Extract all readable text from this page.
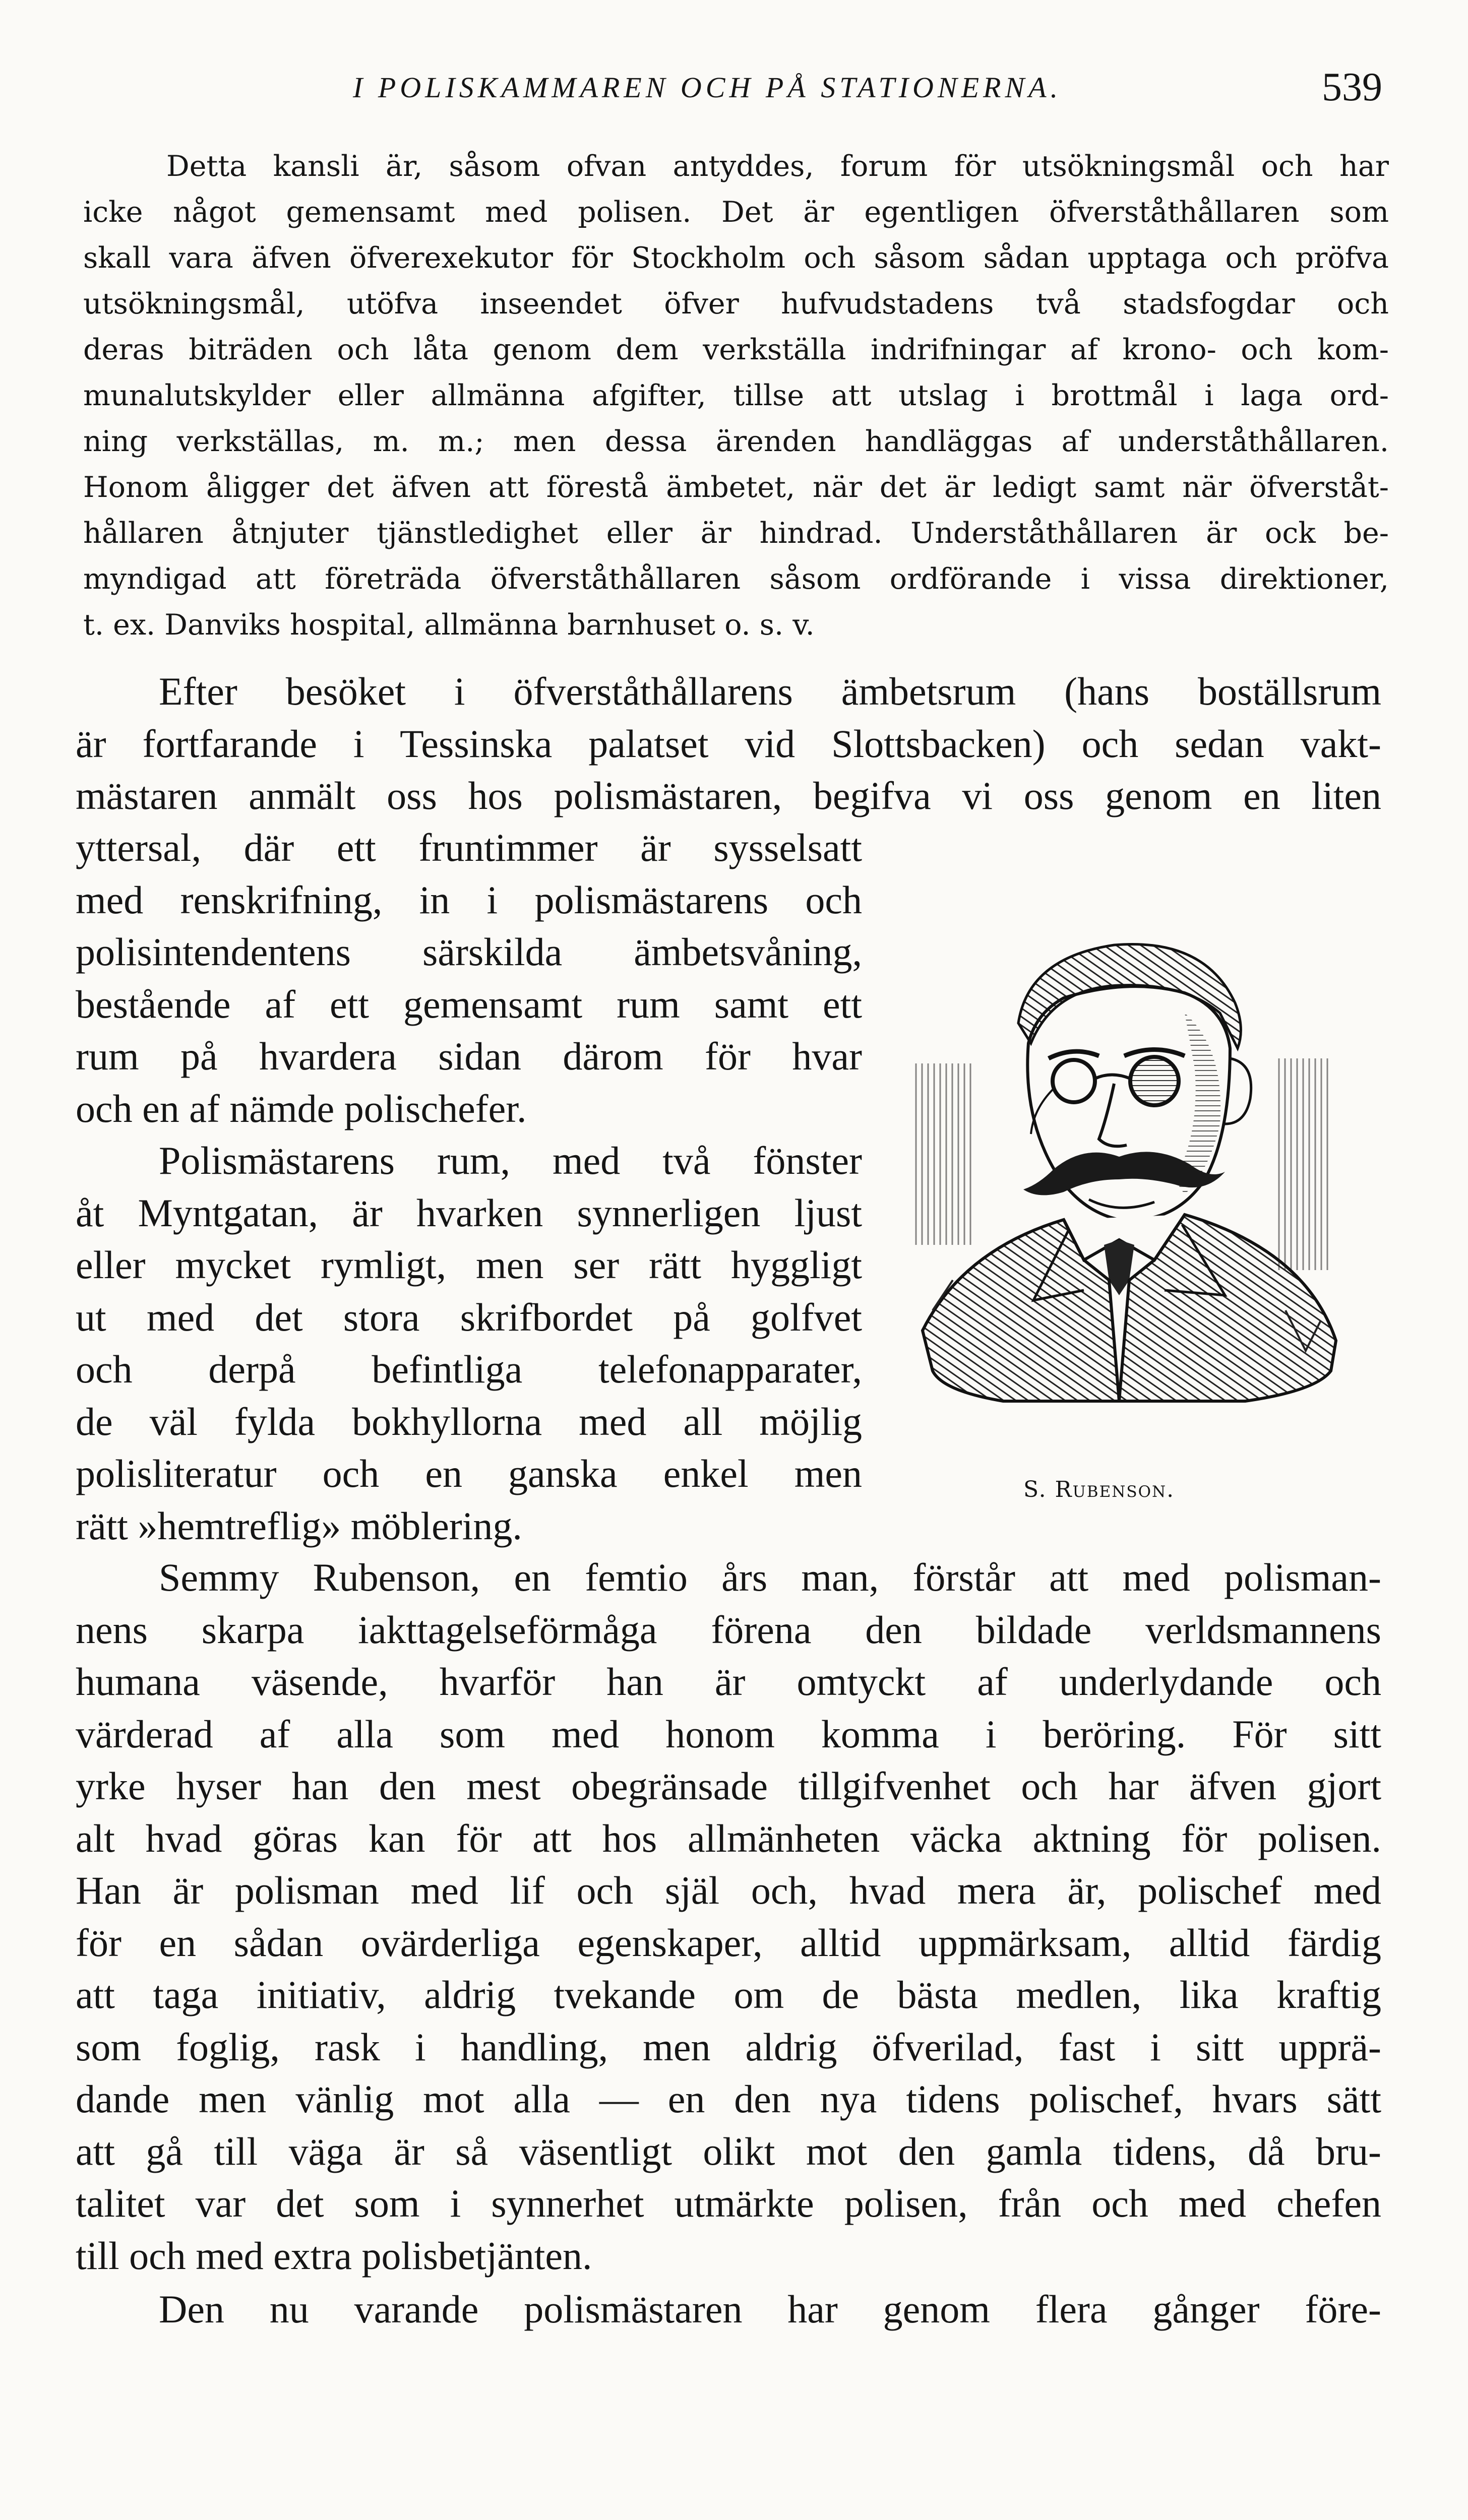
I POLISKAMMAREN OCH PÅ STATIONERNA.	539
Detta kansli är, såsom ofvan antyddes, forum för utsökningsmål och har
icke något gemensamt med polisen. Det är egentligen öfverståthållaren som
skall vara äfven öfverexekutor för Stockholm och såsom sådan upptaga och pröfva
utsökningsmål, utöfva inseendet öfver hufvudstadens två stadsfogdar och
deras biträden och låta genom dem verkställa indrifningar af krono- och kom-
munalutskylder eller allmänna afgifter, tillse att utslag i brottmål i laga ord-
ning verkställas, m. m.; men dessa ärenden handläggas af underståthållaren.
Honom åligger det äfven att förestå ämbetet, när det är ledigt samt när öfverståt-
hållaren åtnjuter tjänstledighet eller är hindrad. Underståthållaren är ock be-
myndigad att företräda öfverståthållaren såsom ordförande i vissa direktioner,
t. ex. Danviks hospital, allmänna barnhuset o. s. v.
Efter besöket i öfverståthållarens ämbetsrum (hans boställsrum
är fortfarande i Tessinska palatset vid Slottsbacken) och sedan vakt-
mästaren anmält oss hos polismästaren, begifva vi oss genom en liten
yttersal, där ett fruntimmer är sysselsatt
med renskrifning, in i polismästarens och
polisintendentens särskilda ämbetsvåning,
bestående af ett gemensamt rum samt ett
rum på hvardera sidan därom för hvar
och en af nämde polischefer.
Polismästarens rum, med två fönster
åt Myntgatan, är hvarken synnerligen ljust
eller mycket rymligt, men ser rätt hyggligt
ut med det stora skrifbordet på golfvet
och derpå befintliga telefonapparater,
de väl fylda bokhyllorna med all möjlig
polisliteratur och en ganska enkel men
rätt »hemtreflig» möblering.
S. Rubenson.
Semmy Rubenson, en femtio års man, förstår att med polisman-
nens skarpa iakttagelseförmåga förena den bildade verldsmannens
humana väsende, hvarför han är omtyckt af underlydande och
värderad af alla som med honom komma i beröring. För sitt
yrke hyser han den mest obegränsade tillgifvenhet och har äfven gjort
alt hvad göras kan för att hos allmänheten väcka aktning för polisen.
Han är polisman med lif och själ och, hvad mera är, polischef med
för en sådan ovärderliga egenskaper, alltid uppmärksam, alltid färdig
att taga initiativ, aldrig tvekande om de bästa medlen, lika kraftig
som foglig, rask i handling, men aldrig öfverilad, fast i sitt upprä-
dande men vänlig mot alla — en den nya tidens polischef, hvars sätt
att gå till väga är så väsentligt olikt mot den gamla tidens, då bru-
talitet var det som i synnerhet utmärkte polisen, från och med chefen
till och med extra polisbetjänten.
Den nu varande polismästaren har genom flera gånger före-
